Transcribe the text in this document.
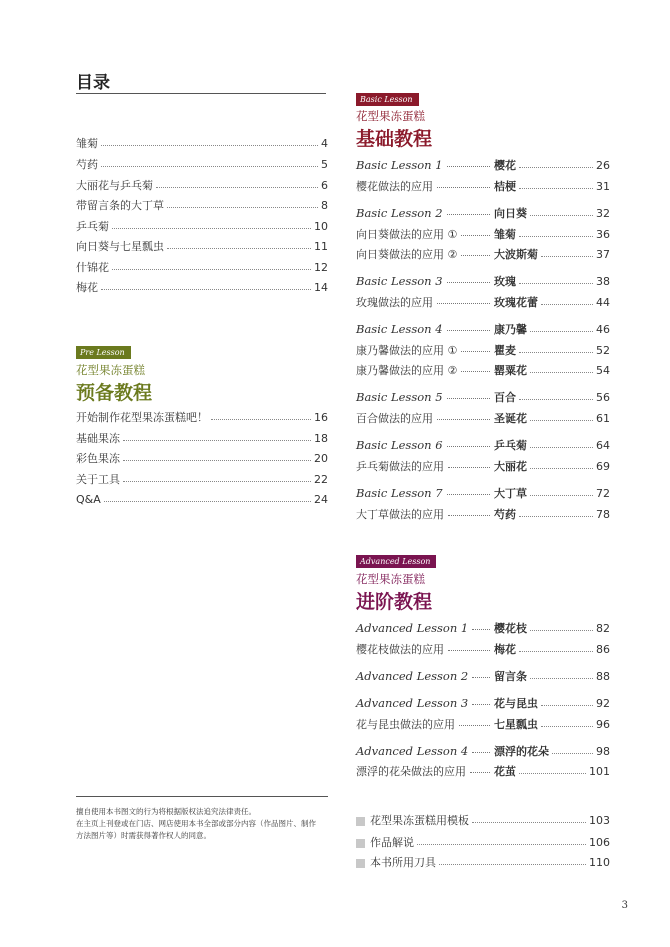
目录
雏菊	4
芍药	5
大丽花与乒乓菊	6
带留言条的大丁草	8
乒乓菊	10
向日葵与七星瓢虫	11
什锦花	12
梅花	14
Pre Lesson
花型果冻蛋糕
预备教程
开始制作花型果冻蛋糕吧！	16
基础果冻	18
彩色果冻	20
关于工具	22
Q&A	24
Basic Lesson
花型果冻蛋糕
基础教程
Basic Lesson 1	樱花	26
樱花做法的应用	桔梗	31
Basic Lesson 2	向日葵	32
向日葵做法的应用 ①	雏菊	36
向日葵做法的应用 ②	大波斯菊	37
Basic Lesson 3	玫瑰	38
玫瑰做法的应用	玫瑰花蕾	44
Basic Lesson 4	康乃馨	46
康乃馨做法的应用 ①	瞿麦	52
康乃馨做法的应用 ②	罂粟花	54
Basic Lesson 5	百合	56
百合做法的应用	圣诞花	61
Basic Lesson 6	乒乓菊	64
乒乓菊做法的应用	大丽花	69
Basic Lesson 7	大丁草	72
大丁草做法的应用	芍药	78
Advanced Lesson
花型果冻蛋糕
进阶教程
Advanced Lesson 1 樱花枝	82
樱花枝做法的应用	梅花	86
Advanced Lesson 2 留言条	88
Advanced Lesson 3 花与昆虫	92
花与昆虫做法的应用	七星瓢虫	96
Advanced Lesson 4 漂浮的花朵	98
漂浮的花朵做法的应用	花茧	101
花型果冻蛋糕用模板	103
作品解说	106
本书所用刀具	110
擅自使用本书图文的行为将根据版权法追究法律责任。
在主页上刊登或在门店、网店使用本书全部或部分内容（作品图片、制作
方法图片等）时需获得著作权人的同意。
3
